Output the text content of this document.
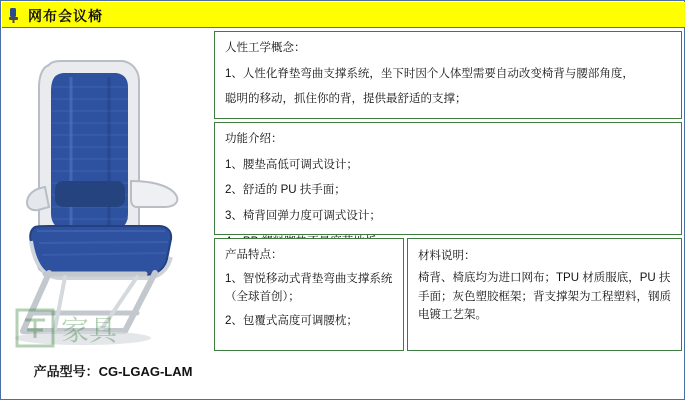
网布会议椅
家具
产品型号：CG-LGAG-LAM

人性工学概念：

1、人性化脊垫弯曲支撑系统，坐下时因个人体型需要自动改变椅背与腰部角度，

聪明的移动，抓住你的背，提供最舒适的支撑；

功能介绍：

1、腰垫高低可调式设计；

2、舒适的 PU 扶手面；

3、椅背回弹力度可调式设计；

产品特点：

1、智悦移动式背垫弯曲支撑系统（全球首创）；

2、包覆式高度可调腰枕；

材料说明：

椅背、椅底均为进口网布；TPU 材质服底，PU 扶手面；灰色塑胶框架；背支撑架为工程塑料，钢质电镀工艺架。
